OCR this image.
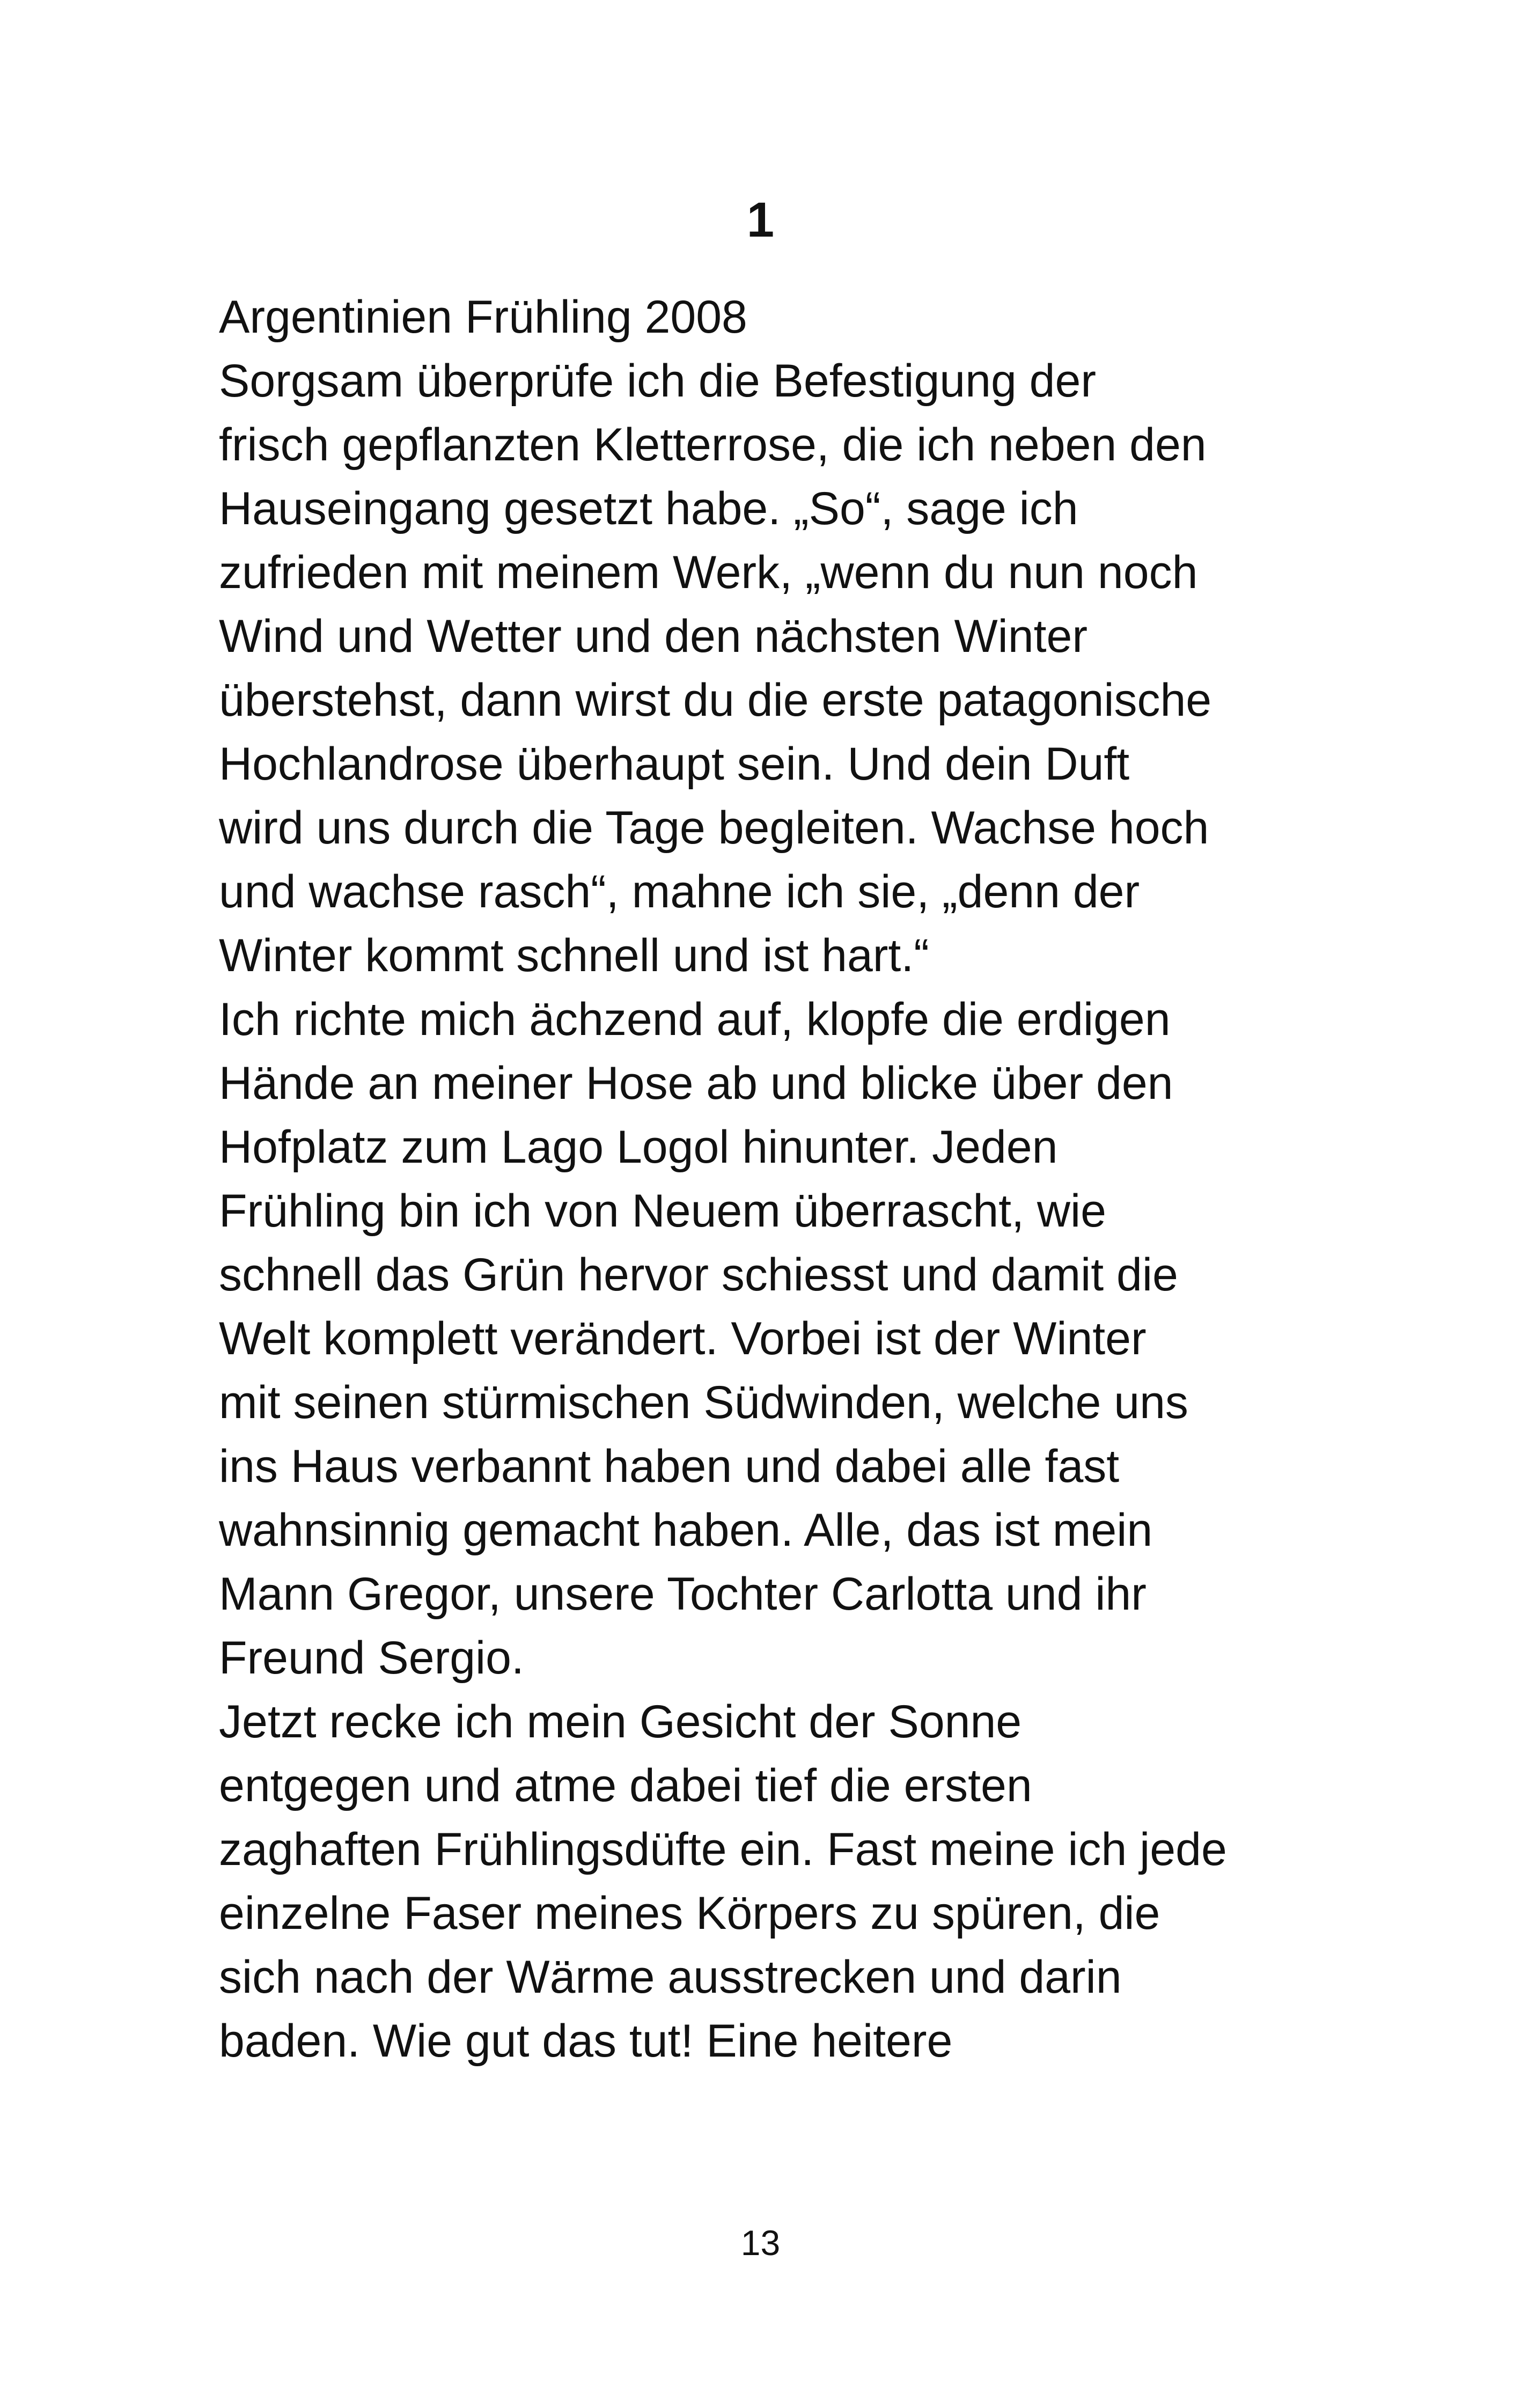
1
Argentinien Frühling 2008
Sorgsam überprüfe ich die Befestigung der
frisch gepflanzten Kletterrose, die ich neben den
Hauseingang gesetzt habe. „So“, sage ich
zufrieden mit meinem Werk, „wenn du nun noch
Wind und Wetter und den nächsten Winter
überstehst, dann wirst du die erste patagonische
Hochlandrose überhaupt sein. Und dein Duft
wird uns durch die Tage begleiten. Wachse hoch
und wachse rasch“, mahne ich sie, „denn der
Winter kommt schnell und ist hart.“
Ich richte mich ächzend auf, klopfe die erdigen
Hände an meiner Hose ab und blicke über den
Hofplatz zum Lago Logol hinunter. Jeden
Frühling bin ich von Neuem überrascht, wie
schnell das Grün hervor schiesst und damit die
Welt komplett verändert. Vorbei ist der Winter
mit seinen stürmischen Südwinden, welche uns
ins Haus verbannt haben und dabei alle fast
wahnsinnig gemacht haben. Alle, das ist mein
Mann Gregor, unsere Tochter Carlotta und ihr
Freund Sergio.
Jetzt recke ich mein Gesicht der Sonne
entgegen und atme dabei tief die ersten
zaghaften Frühlingsdüfte ein. Fast meine ich jede
einzelne Faser meines Körpers zu spüren, die
sich nach der Wärme ausstrecken und darin
baden. Wie gut das tut! Eine heitere
13
